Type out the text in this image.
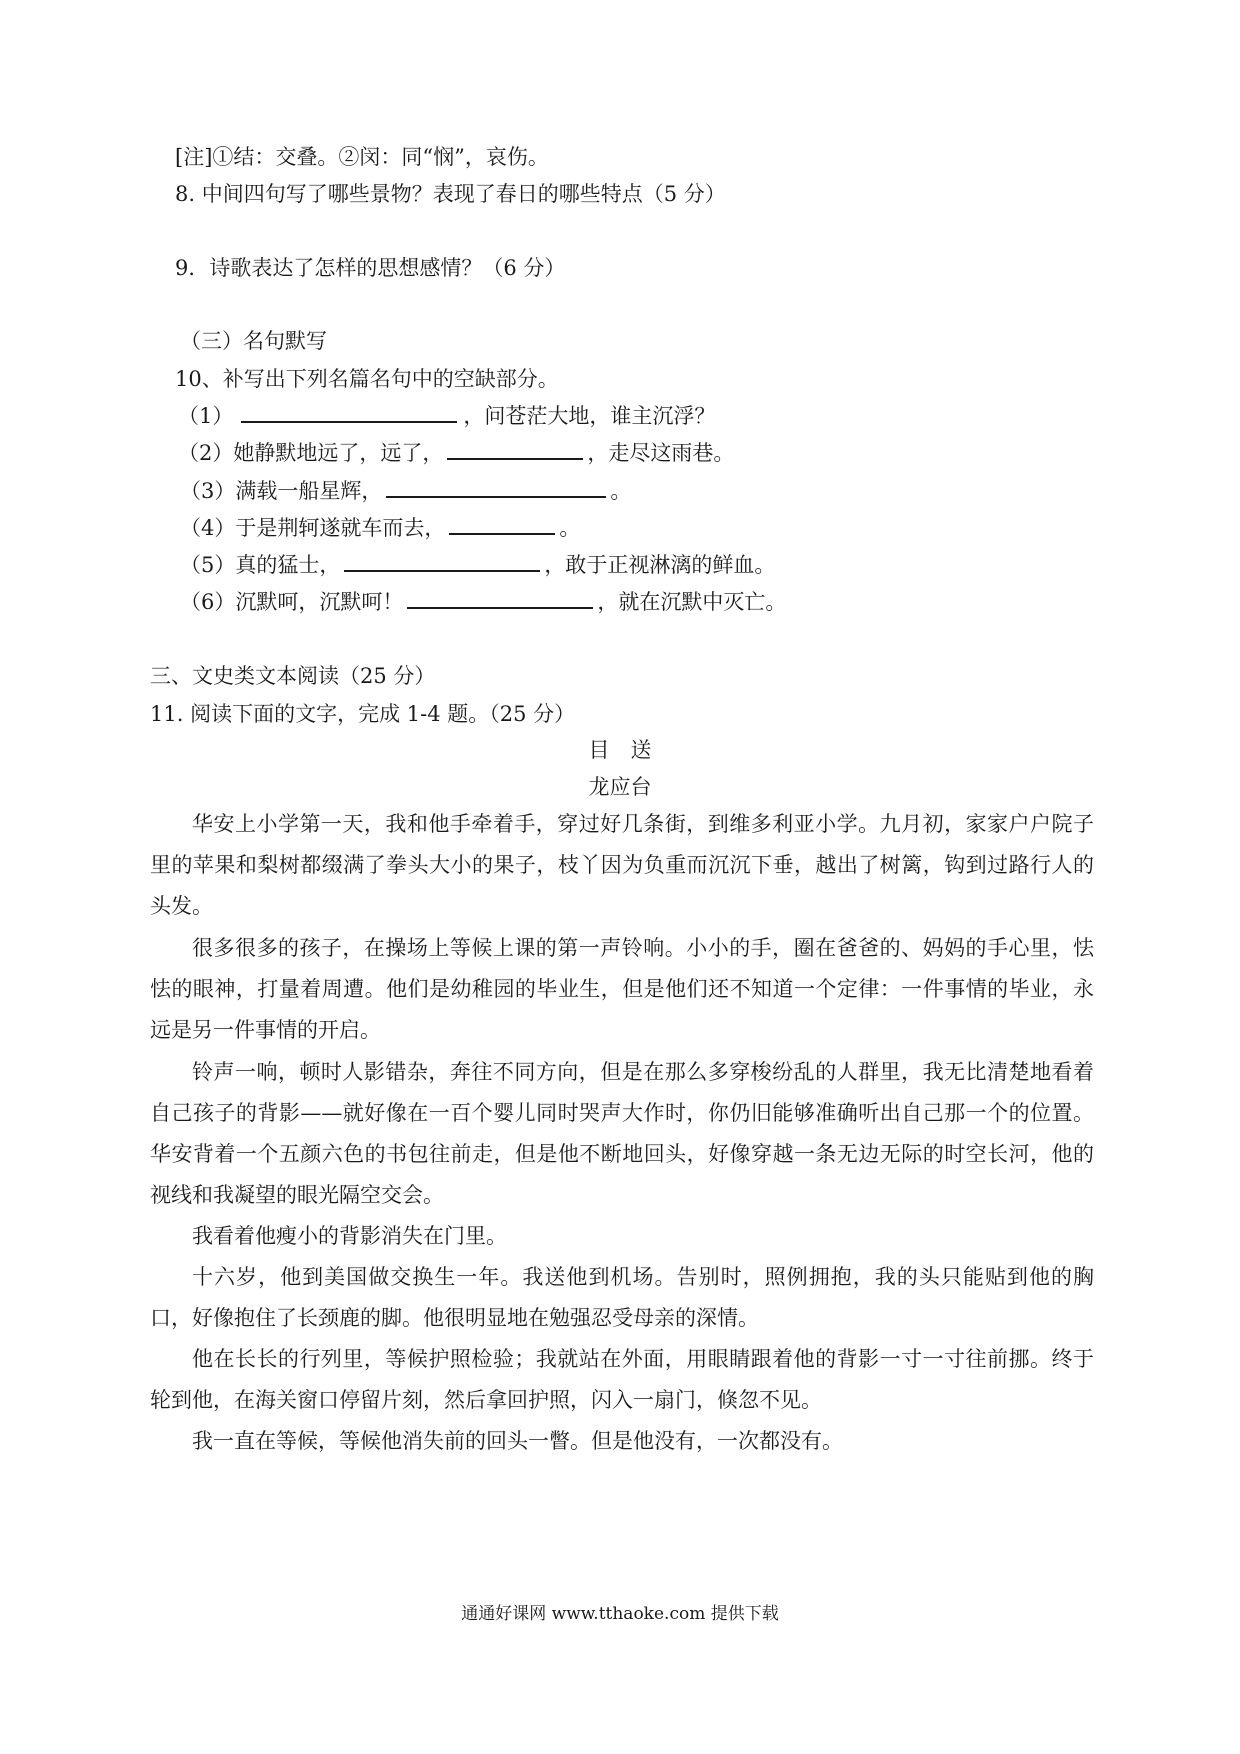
[注]①结：交叠。②闵：同“悯”，哀伤。
8. 中间四句写了哪些景物？表现了春日的哪些特点（5 分）
9．诗歌表达了怎样的思想感情？（6 分）
（三）名句默写
10、补写出下列名篇名句中的空缺部分。
（1）	，问苍茫大地，谁主沉浮？
（2）她静默地远了，远了，	，走尽这雨巷。
（3）满载一船星辉，	。
（4）于是荆轲遂就车而去，	。
（5）真的猛士，	，敢于正视淋漓的鲜血。
（6）沉默呵，沉默呵！	，就在沉默中灭亡。
三、文史类文本阅读（25 分）
11. 阅读下面的文字，完成 1-4 题。（25 分）
目　送
龙应台
华安上小学第一天，我和他手牵着手，穿过好几条街，到维多利亚小学。九月初，家家户户院子里的苹果和梨树都缀满了拳头大小的果子，枝丫因为负重而沉沉下垂，越出了树篱，钩到过路行人的头发。
很多很多的孩子，在操场上等候上课的第一声铃响。小小的手，圈在爸爸的、妈妈的手心里，怯怯的眼神，打量着周遭。他们是幼稚园的毕业生，但是他们还不知道一个定律：一件事情的毕业，永远是另一件事情的开启。
铃声一响，顿时人影错杂，奔往不同方向，但是在那么多穿梭纷乱的人群里，我无比清楚地看着自己孩子的背影——就好像在一百个婴儿同时哭声大作时，你仍旧能够准确听出自己那一个的位置。华安背着一个五颜六色的书包往前走，但是他不断地回头，好像穿越一条无边无际的时空长河，他的视线和我凝望的眼光隔空交会。
我看着他瘦小的背影消失在门里。
十六岁，他到美国做交换生一年。我送他到机场。告别时，照例拥抱，我的头只能贴到他的胸口，好像抱住了长颈鹿的脚。他很明显地在勉强忍受母亲的深情。
他在长长的行列里，等候护照检验；我就站在外面，用眼睛跟着他的背影一寸一寸往前挪。终于轮到他，在海关窗口停留片刻，然后拿回护照，闪入一扇门，倏忽不见。
我一直在等候，等候他消失前的回头一瞥。但是他没有，一次都没有。
通通好课网 www.tthaoke.com 提供下载
